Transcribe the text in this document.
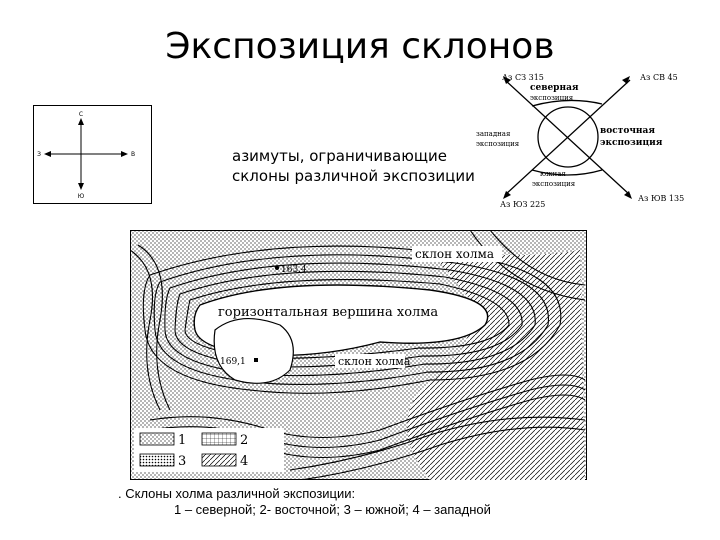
Экспозиция склонов
С
Ю
З	В	азимуты, ограничивающие
склоны различной экспозиции
Аз СЗ 315	Аз СВ 45
Аз ЮЗ 225
Аз ЮВ 135
северная
экспозиция
восточная
экспозиция
западная
экспозиция
южная
экспозиция
склон холма
горизонтальная вершина холма
склон холма
163,4
169,1
1	2
3	4
. Склоны холма различной экспозиции:
1 – северной; 2- восточной; 3 – южной; 4 – западной
